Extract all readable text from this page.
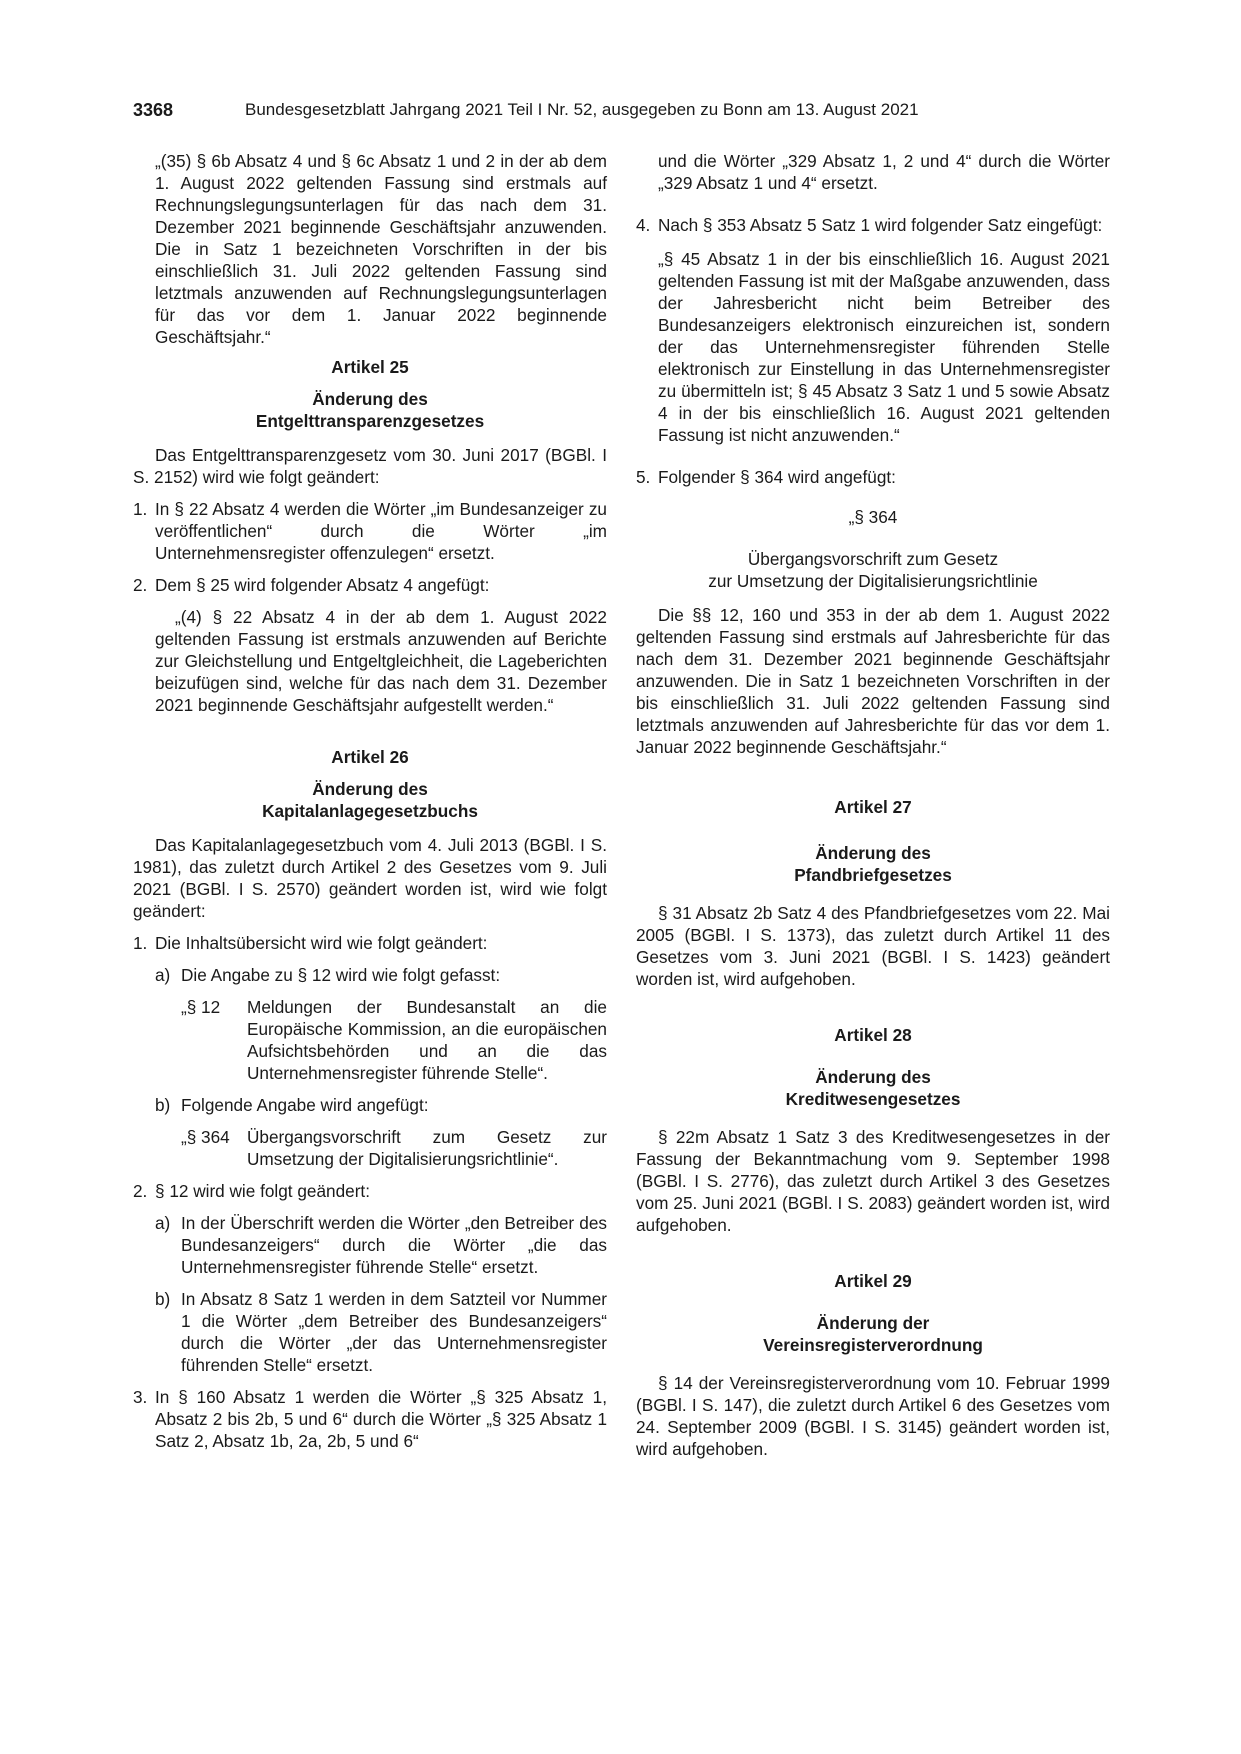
3368	Bundesgesetzblatt Jahrgang 2021 Teil I Nr. 52, ausgegeben zu Bonn am 13. August 2021

„(35) § 6b Absatz 4 und § 6c Absatz 1 und 2 in der ab dem 1. August 2022 geltenden Fassung sind erstmals auf Rechnungslegungsunterlagen für das nach dem 31. Dezember 2021 beginnende Geschäftsjahr anzuwenden. Die in Satz 1 bezeichneten Vorschriften in der bis einschließlich 31. Juli 2022 geltenden Fassung sind letztmals anzuwenden auf Rechnungslegungsunterlagen für das vor dem 1. Januar 2022 beginnende Geschäftsjahr.“

Artikel 25

Änderung des

Entgelttransparenzgesetzes

Das Entgelttransparenzgesetz vom 30. Juni 2017 (BGBl. I S. 2152) wird wie folgt geändert:

1. In § 22 Absatz 4 werden die Wörter „im Bundesanzeiger zu veröffentlichen“ durch die Wörter „im Unternehmensregister offenzulegen“ ersetzt.
2. Dem § 25 wird folgender Absatz 4 angefügt:

„(4) § 22 Absatz 4 in der ab dem 1. August 2022 geltenden Fassung ist erstmals anzuwenden auf Berichte zur Gleichstellung und Entgeltgleichheit, die Lageberichten beizufügen sind, welche für das nach dem 31. Dezember 2021 beginnende Geschäftsjahr aufgestellt werden.“

Artikel 26

Änderung des

Kapitalanlagegesetzbuchs

Das Kapitalanlagegesetzbuch vom 4. Juli 2013 (BGBl. I S. 1981), das zuletzt durch Artikel 2 des Gesetzes vom 9. Juli 2021 (BGBl. I S. 2570) geändert worden ist, wird wie folgt geändert:

1. Die Inhaltsübersicht wird wie folgt geändert:
a) Die Angabe zu § 12 wird wie folgt gefasst:
„§ 12	Meldungen der Bundesanstalt an die Europäische Kommission, an die europäischen Aufsichtsbehörden und an die das Unternehmensregister führende Stelle“.
b) Folgende Angabe wird angefügt:
„§ 364	Übergangsvorschrift zum Gesetz zur Umsetzung der Digitalisierungsrichtlinie“.
2. § 12 wird wie folgt geändert:
a) In der Überschrift werden die Wörter „den Betreiber des Bundesanzeigers“ durch die Wörter „die das Unternehmensregister führende Stelle“ ersetzt.
b) In Absatz 8 Satz 1 werden in dem Satzteil vor Nummer 1 die Wörter „dem Betreiber des Bundesanzeigers“ durch die Wörter „der das Unternehmensregister führenden Stelle“ ersetzt.
3. In § 160 Absatz 1 werden die Wörter „§ 325 Absatz 1, Absatz 2 bis 2b, 5 und 6“ durch die Wörter „§ 325 Absatz 1 Satz 2, Absatz 1b, 2a, 2b, 5 und 6“

und die Wörter „329 Absatz 1, 2 und 4“ durch die Wörter „329 Absatz 1 und 4“ ersetzt.

4. Nach § 353 Absatz 5 Satz 1 wird folgender Satz eingefügt:

„§ 45 Absatz 1 in der bis einschließlich 16. August 2021 geltenden Fassung ist mit der Maßgabe anzuwenden, dass der Jahresbericht nicht beim Betreiber des Bundesanzeigers elektronisch einzureichen ist, sondern der das Unternehmensregister führenden Stelle elektronisch zur Einstellung in das Unternehmensregister zu übermitteln ist; § 45 Absatz 3 Satz 1 und 5 sowie Absatz 4 in der bis einschließlich 16. August 2021 geltenden Fassung ist nicht anzuwenden.“

5. Folgender § 364 wird angefügt:

„§ 364

Übergangsvorschrift zum Gesetz

zur Umsetzung der Digitalisierungsrichtlinie

Die §§ 12, 160 und 353 in der ab dem 1. August 2022 geltenden Fassung sind erstmals auf Jahresberichte für das nach dem 31. Dezember 2021 beginnende Geschäftsjahr anzuwenden. Die in Satz 1 bezeichneten Vorschriften in der bis einschließlich 31. Juli 2022 geltenden Fassung sind letztmals anzuwenden auf Jahresberichte für das vor dem 1. Januar 2022 beginnende Geschäftsjahr.“

Artikel 27

Änderung des

Pfandbriefgesetzes

§ 31 Absatz 2b Satz 4 des Pfandbriefgesetzes vom 22. Mai 2005 (BGBl. I S. 1373), das zuletzt durch Artikel 11 des Gesetzes vom 3. Juni 2021 (BGBl. I S. 1423) geändert worden ist, wird aufgehoben.

Artikel 28

Änderung des

Kreditwesengesetzes

§ 22m Absatz 1 Satz 3 des Kreditwesengesetzes in der Fassung der Bekanntmachung vom 9. September 1998 (BGBl. I S. 2776), das zuletzt durch Artikel 3 des Gesetzes vom 25. Juni 2021 (BGBl. I S. 2083) geändert worden ist, wird aufgehoben.

Artikel 29

Änderung der

Vereinsregisterverordnung

§ 14 der Vereinsregisterverordnung vom 10. Februar 1999 (BGBl. I S. 147), die zuletzt durch Artikel 6 des Gesetzes vom 24. September 2009 (BGBl. I S. 3145) geändert worden ist, wird aufgehoben.
